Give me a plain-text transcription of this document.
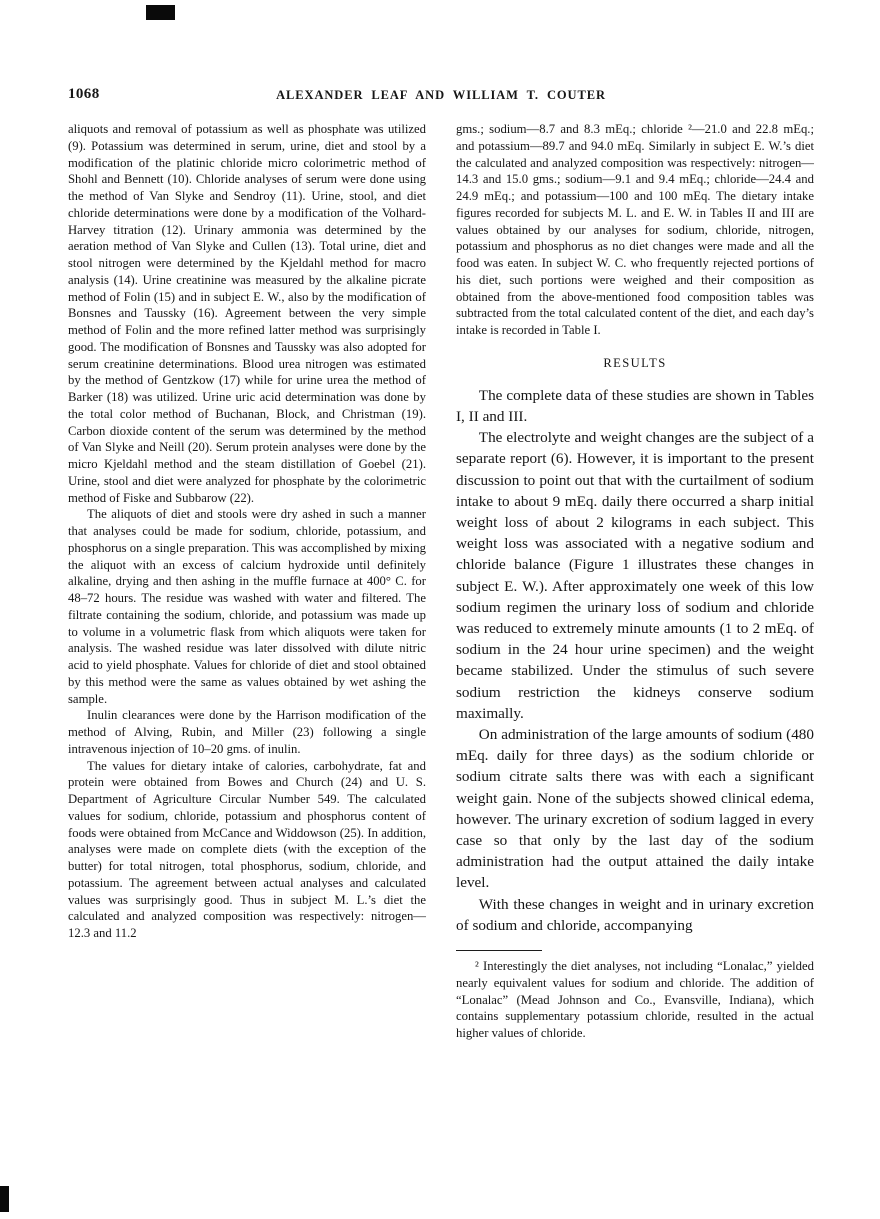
1068	ALEXANDER LEAF AND WILLIAM T. COUTER

aliquots and removal of potassium as well as phosphate was utilized (9). Potassium was determined in serum, urine, diet and stool by a modification of the platinic chloride micro colorimetric method of Shohl and Bennett (10). Chloride analyses of serum were done using the method of Van Slyke and Sendroy (11). Urine, stool, and diet chloride determinations were done by a modification of the Volhard-Harvey titration (12). Urinary ammonia was determined by the aeration method of Van Slyke and Cullen (13). Total urine, diet and stool nitrogen were determined by the Kjeldahl method for macro analysis (14). Urine creatinine was measured by the alkaline picrate method of Folin (15) and in subject E. W., also by the modification of Bonsnes and Taussky (16). Agreement between the very simple method of Folin and the more refined latter method was surprisingly good. The modification of Bonsnes and Taussky was also adopted for serum creatinine determinations. Blood urea nitrogen was estimated by the method of Gentzkow (17) while for urine urea the method of Barker (18) was utilized. Urine uric acid determination was done by the total color method of Buchanan, Block, and Christman (19). Carbon dioxide content of the serum was determined by the method of Van Slyke and Neill (20). Serum protein analyses were done by the micro Kjeldahl method and the steam distillation of Goebel (21). Urine, stool and diet were analyzed for phosphate by the colorimetric method of Fiske and Subbarow (22).

The aliquots of diet and stools were dry ashed in such a manner that analyses could be made for sodium, chloride, potassium, and phosphorus on a single preparation. This was accomplished by mixing the aliquot with an excess of calcium hydroxide until definitely alkaline, drying and then ashing in the muffle furnace at 400° C. for 48–72 hours. The residue was washed with water and filtered. The filtrate containing the sodium, chloride, and potassium was made up to volume in a volumetric flask from which aliquots were taken for analysis. The washed residue was later dissolved with dilute nitric acid to yield phosphate. Values for chloride of diet and stool obtained by this method were the same as values obtained by wet ashing the sample.

Inulin clearances were done by the Harrison modification of the method of Alving, Rubin, and Miller (23) following a single intravenous injection of 10–20 gms. of inulin.

The values for dietary intake of calories, carbohydrate, fat and protein were obtained from Bowes and Church (24) and U. S. Department of Agriculture Circular Number 549. The calculated values for sodium, chloride, potassium and phosphorus content of foods were obtained from McCance and Widdowson (25). In addition, analyses were made on complete diets (with the exception of the butter) for total nitrogen, total phosphorus, sodium, chloride, and potassium. The agreement between actual analyses and calculated values was surprisingly good. Thus in subject M. L.’s diet the calculated and analyzed composition was respectively: nitrogen—12.3 and 11.2

gms.; sodium—8.7 and 8.3 mEq.; chloride ²—21.0 and 22.8 mEq.; and potassium—89.7 and 94.0 mEq. Similarly in subject E. W.’s diet the calculated and analyzed composition was respectively: nitrogen—14.3 and 15.0 gms.; sodium—9.1 and 9.4 mEq.; chloride—24.4 and 24.9 mEq.; and potassium—100 and 100 mEq. The dietary intake figures recorded for subjects M. L. and E. W. in Tables II and III are values obtained by our analyses for sodium, chloride, nitrogen, potassium and phosphorus as no diet changes were made and all the food was eaten. In subject W. C. who frequently rejected portions of his diet, such portions were weighed and their composition as obtained from the above-mentioned food composition tables was subtracted from the total calculated content of the diet, and each day’s intake is recorded in Table I.

RESULTS

The complete data of these studies are shown in Tables I, II and III.

The electrolyte and weight changes are the subject of a separate report (6). However, it is important to the present discussion to point out that with the curtailment of sodium intake to about 9 mEq. daily there occurred a sharp initial weight loss of about 2 kilograms in each subject. This weight loss was associated with a negative sodium and chloride balance (Figure 1 illustrates these changes in subject E. W.). After approximately one week of this low sodium regimen the urinary loss of sodium and chloride was reduced to extremely minute amounts (1 to 2 mEq. of sodium in the 24 hour urine specimen) and the weight became stabilized. Under the stimulus of such severe sodium restriction the kidneys conserve sodium maximally.

On administration of the large amounts of sodium (480 mEq. daily for three days) as the sodium chloride or sodium citrate salts there was with each a significant weight gain. None of the subjects showed clinical edema, however. The urinary excretion of sodium lagged in every case so that only by the last day of the sodium administration had the output attained the daily intake level.

With these changes in weight and in urinary excretion of sodium and chloride, accompanying

² Interestingly the diet analyses, not including “Lonalac,” yielded nearly equivalent values for sodium and chloride. The addition of “Lonalac” (Mead Johnson and Co., Evansville, Indiana), which contains supplementary potassium chloride, resulted in the actual higher values of chloride.
